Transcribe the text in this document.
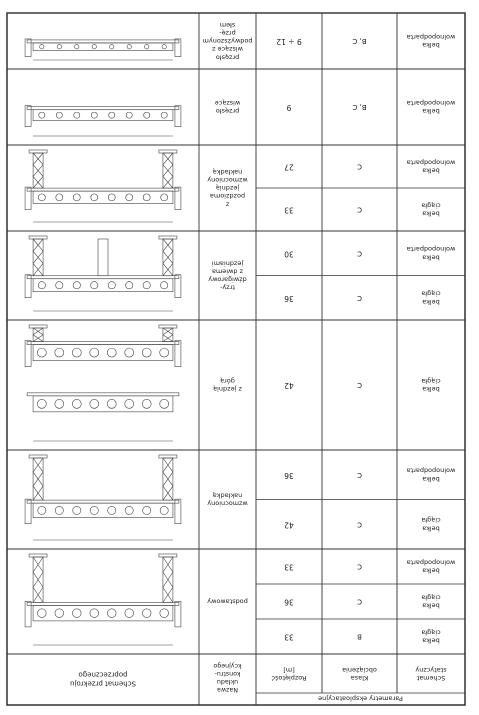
Parametry eksploatacyjne
Schemat
statyczny
Klasa
obciążenia
Rozpiętość
[m]
Nazwa
układu
konstru-
kcyjnego
Schemat przekroju
poprzecznego
podstawowy
belka
ciągła
B
33
belka
ciągła
C
36
belka
wolnopodparta
C
33
wzmocniony
nakładką
belka
ciągła
C
42
belka
wolnopodparta
C
36
z jezdnią
górą
belka
ciągła
C
42
trzy-
dźwigarowy
z dwiema
jezdniami
belka
ciągła
C
36
belka
wolnopodparta
C
30
z
pozdzioma
jezdnią
wzmocniony
nakładką
belka
ciągła
C
33
belka
wolnopodparta
C
27
przęsło
wiszące
belka
wolnopodparta
B, C
9
przęsło
wiszące z
podwyższonym
przę-
słem
belka
wolnopodparta
B, C
9 ÷ 12
